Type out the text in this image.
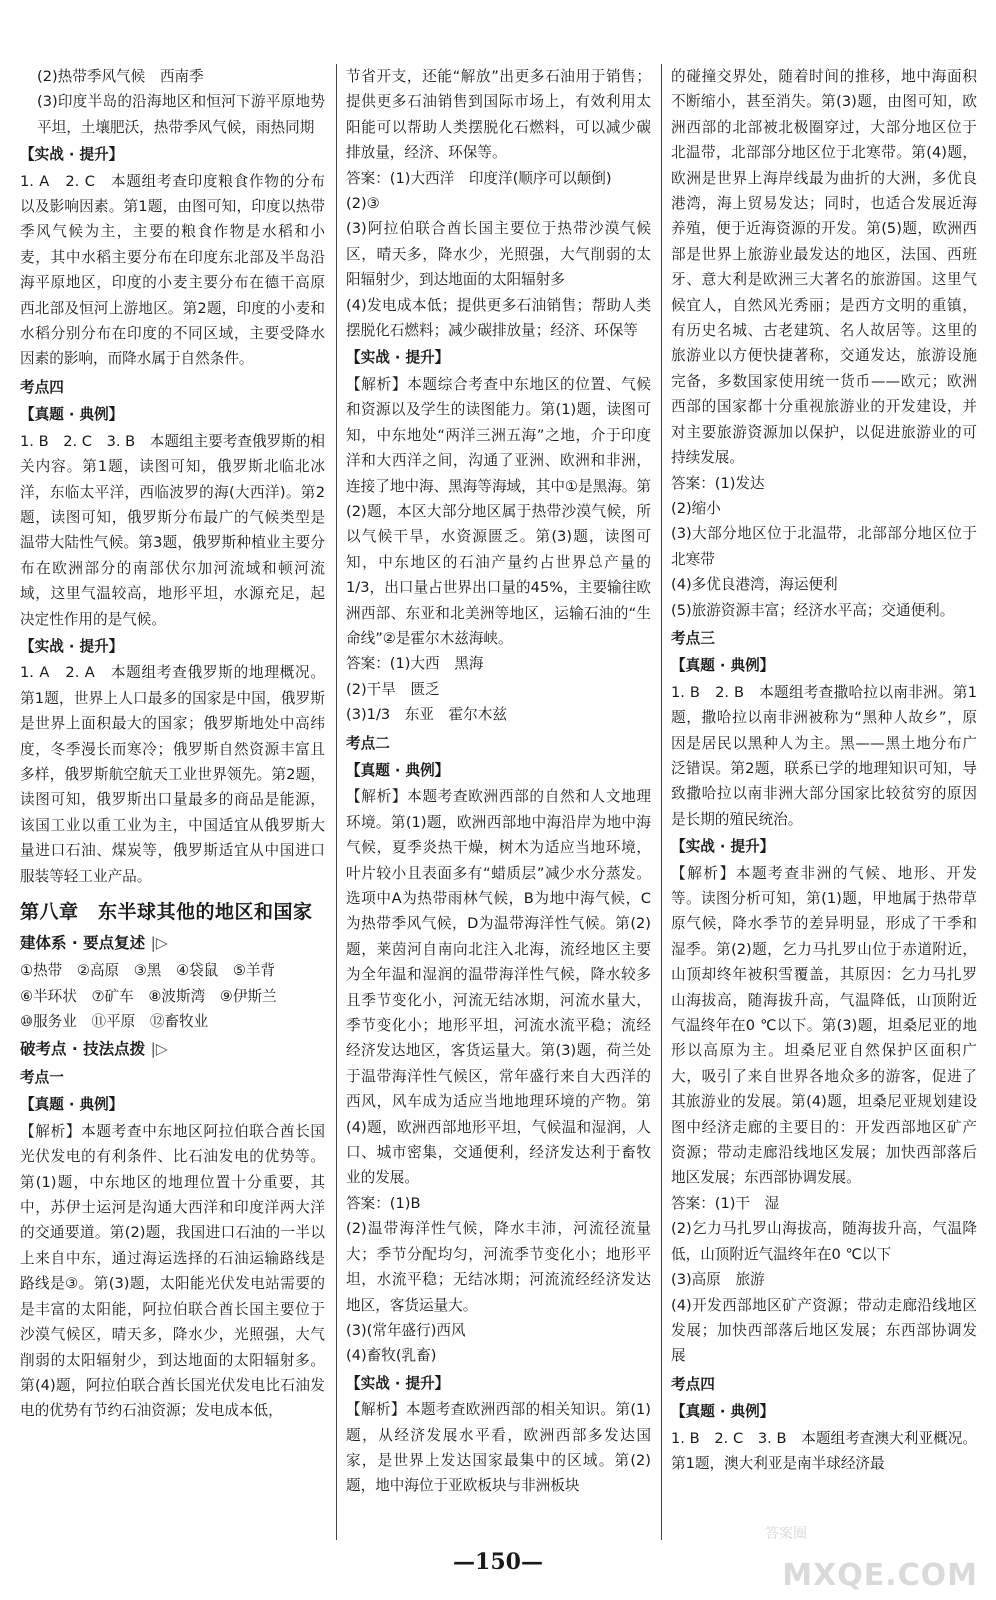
(2)热带季风气候　西南季

(3)印度半岛的沿海地区和恒河下游平原地势平坦，土壤肥沃，热带季风气候，雨热同期

【实战 · 提升】

1. A　2. C　本题组考查印度粮食作物的分布以及影响因素。第1题，由图可知，印度以热带季风气候为主，主要的粮食作物是水稻和小麦，其中水稻主要分布在印度东北部及半岛沿海平原地区，印度的小麦主要分布在德干高原西北部及恒河上游地区。第2题，印度的小麦和水稻分别分布在印度的不同区域，主要受降水因素的影响，而降水属于自然条件。

考点四
【真题 · 典例】

1. B　2. C　3. B　本题组主要考查俄罗斯的相关内容。第1题，读图可知，俄罗斯北临北冰洋，东临太平洋，西临波罗的海(大西洋)。第2题，读图可知，俄罗斯分布最广的气候类型是温带大陆性气候。第3题，俄罗斯种植业主要分布在欧洲部分的南部伏尔加河流域和顿河流域，这里气温较高，地形平坦，水源充足，起决定性作用的是气候。

【实战 · 提升】

1. A　2. A　本题组考查俄罗斯的地理概况。第1题，世界上人口最多的国家是中国，俄罗斯是世界上面积最大的国家；俄罗斯地处中高纬度，冬季漫长而寒冷；俄罗斯自然资源丰富且多样，俄罗斯航空航天工业世界领先。第2题，读图可知，俄罗斯出口量最多的商品是能源，该国工业以重工业为主，中国适宜从俄罗斯大量进口石油、煤炭等，俄罗斯适宜从中国进口服装等轻工业产品。

第八章　东半球其他的地区和国家
建体系 · 要点复述 |▷

①热带　②高原　③黑　④袋鼠　⑤羊背

⑥半环状　⑦矿车　⑧波斯湾　⑨伊斯兰

⑩服务业　⑪平原　⑫畜牧业

破考点 · 技法点拨 |▷
考点一
【真题 · 典例】

【解析】本题考查中东地区阿拉伯联合酋长国光伏发电的有利条件、比石油发电的优势等。第(1)题，中东地区的地理位置十分重要，其中，苏伊士运河是沟通大西洋和印度洋两大洋的交通要道。第(2)题，我国进口石油的一半以上来自中东，通过海运选择的石油运输路线是路线是③。第(3)题，太阳能光伏发电站需要的是丰富的太阳能，阿拉伯联合酋长国主要位于沙漠气候区，晴天多，降水少，光照强，大气削弱的太阳辐射少，到达地面的太阳辐射多。第(4)题，阿拉伯联合酋长国光伏发电比石油发电的优势有节约石油资源；发电成本低，

节省开支，还能“解放”出更多石油用于销售；提供更多石油销售到国际市场上，有效利用太阳能可以帮助人类摆脱化石燃料，可以减少碳排放量，经济、环保等。

答案：(1)大西洋　印度洋(顺序可以颠倒)

(2)③

(3)阿拉伯联合酋长国主要位于热带沙漠气候区，晴天多，降水少，光照强，大气削弱的太阳辐射少，到达地面的太阳辐射多

(4)发电成本低；提供更多石油销售；帮助人类摆脱化石燃料；减少碳排放量；经济、环保等

【实战 · 提升】

【解析】本题综合考查中东地区的位置、气候和资源以及学生的读图能力。第(1)题，读图可知，中东地处“两洋三洲五海”之地，介于印度洋和大西洋之间，沟通了亚洲、欧洲和非洲，连接了地中海、黑海等海域，其中①是黑海。第(2)题，本区大部分地区属于热带沙漠气候，所以气候干旱，水资源匮乏。第(3)题，读图可知，中东地区的石油产量约占世界总产量的1/3，出口量占世界出口量的45%，主要输往欧洲西部、东亚和北美洲等地区，运输石油的“生命线”②是霍尔木兹海峡。

答案：(1)大西　黑海

(2)干旱　匮乏

(3)1/3　东亚　霍尔木兹

考点二
【真题 · 典例】

【解析】本题考查欧洲西部的自然和人文地理环境。第(1)题，欧洲西部地中海沿岸为地中海气候，夏季炎热干燥，树木为适应当地环境，叶片较小且表面多有“蜡质层”减少水分蒸发。选项中A为热带雨林气候，B为地中海气候，C为热带季风气候，D为温带海洋性气候。第(2)题，莱茵河自南向北注入北海，流经地区主要为全年温和湿润的温带海洋性气候，降水较多且季节变化小，河流无结冰期，河流水量大，季节变化小；地形平坦，河流水流平稳；流经经济发达地区，客货运量大。第(3)题，荷兰处于温带海洋性气候区，常年盛行来自大西洋的西风，风车成为适应当地地理环境的产物。第(4)题，欧洲西部地形平坦，气候温和湿润，人口、城市密集，交通便利，经济发达利于畜牧业的发展。

答案：(1)B

(2)温带海洋性气候，降水丰沛，河流径流量大；季节分配均匀，河流季节变化小；地形平坦，水流平稳；无结冰期；河流流经经济发达地区，客货运量大。

(3)(常年盛行)西风

(4)畜牧(乳畜)

【实战 · 提升】

【解析】本题考查欧洲西部的相关知识。第(1)题，从经济发展水平看，欧洲西部多发达国家，是世界上发达国家最集中的区域。第(2)题，地中海位于亚欧板块与非洲板块

的碰撞交界处，随着时间的推移，地中海面积不断缩小，甚至消失。第(3)题，由图可知，欧洲西部的北部被北极圈穿过，大部分地区位于北温带，北部部分地区位于北寒带。第(4)题，欧洲是世界上海岸线最为曲折的大洲，多优良港湾，海上贸易发达；同时，也适合发展近海养殖，便于近海资源的开发。第(5)题，欧洲西部是世界上旅游业最发达的地区，法国、西班牙、意大利是欧洲三大著名的旅游国。这里气候宜人，自然风光秀丽；是西方文明的重镇，有历史名城、古老建筑、名人故居等。这里的旅游业以方便快捷著称，交通发达，旅游设施完备，多数国家使用统一货币——欧元；欧洲西部的国家都十分重视旅游业的开发建设，并对主要旅游资源加以保护，以促进旅游业的可持续发展。

答案：(1)发达

(2)缩小

(3)大部分地区位于北温带，北部部分地区位于北寒带

(4)多优良港湾，海运便利

(5)旅游资源丰富；经济水平高；交通便利。

考点三
【真题 · 典例】

1. B　2. B　本题组考查撒哈拉以南非洲。第1题，撒哈拉以南非洲被称为“黑种人故乡”，原因是居民以黑种人为主。黑——黑土地分布广泛错误。第2题，联系已学的地理知识可知，导致撒哈拉以南非洲大部分国家比较贫穷的原因是长期的殖民统治。

【实战 · 提升】

【解析】本题考查非洲的气候、地形、开发等。读图分析可知，第(1)题，甲地属于热带草原气候，降水季节的差异明显，形成了干季和湿季。第(2)题，乞力马扎罗山位于赤道附近，山顶却终年被积雪覆盖，其原因：乞力马扎罗山海拔高，随海拔升高，气温降低，山顶附近气温终年在0 ℃以下。第(3)题，坦桑尼亚的地形以高原为主。坦桑尼亚自然保护区面积广大，吸引了来自世界各地众多的游客，促进了其旅游业的发展。第(4)题，坦桑尼亚规划建设图中经济走廊的主要目的：开发西部地区矿产资源；带动走廊沿线地区发展；加快西部落后地区发展；东西部协调发展。

答案：(1)干　湿

(2)乞力马扎罗山海拔高，随海拔升高，气温降低，山顶附近气温终年在0 ℃以下

(3)高原　旅游

(4)开发西部地区矿产资源；带动走廊沿线地区发展；加快西部落后地区发展；东西部协调发展

考点四
【真题 · 典例】

1. B　2. C　3. B　本题组考查澳大利亚概况。第1题，澳大利亚是南半球经济最

—150—
答案圈
MXQE.COM
